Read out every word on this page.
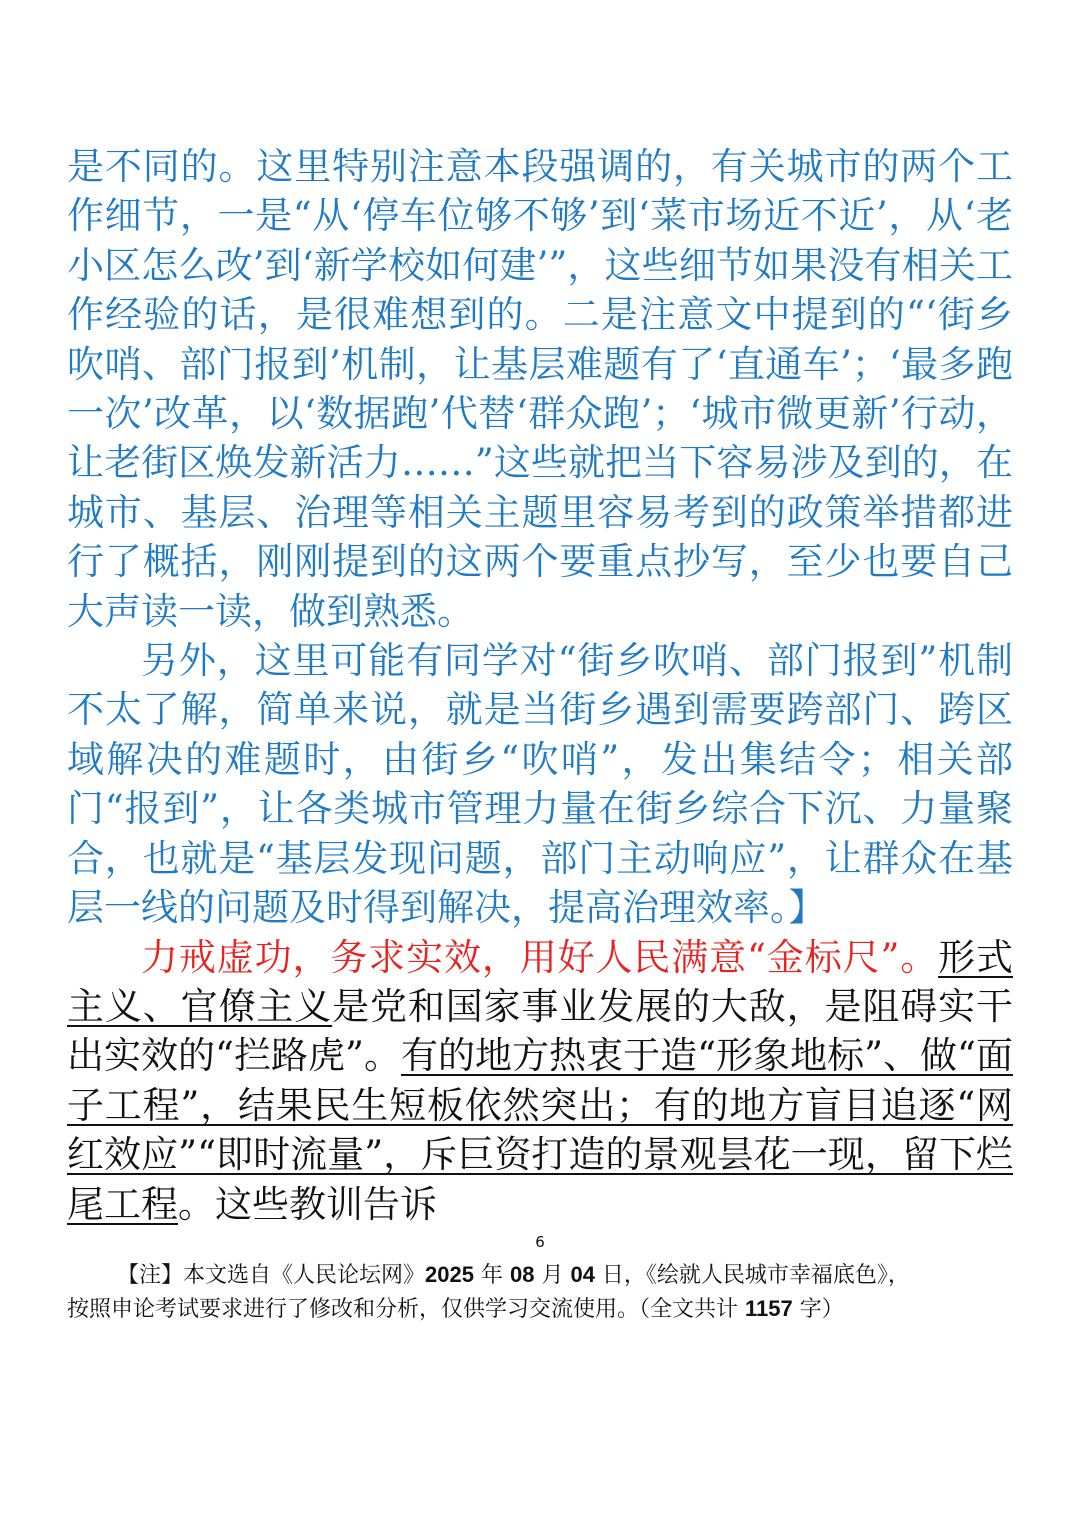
是不同的。这里特别注意本段强调的，有关城市的两个工作细节，一是“从‘停车位够不够’到‘菜市场近不近’，从‘老小区怎么改’到‘新学校如何建’”，这些细节如果没有相关工作经验的话，是很难想到的。二是注意文中提到的“‘街乡吹哨、部门报到’机制，让基层难题有了‘直通车’；‘最多跑一次’改革，以‘数据跑’代替‘群众跑’；‘城市微更新’行动，让老街区焕发新活力……”这些就把当下容易涉及到的，在城市、基层、治理等相关主题里容易考到的政策举措都进行了概括，刚刚提到的这两个要重点抄写，至少也要自己大声读一读，做到熟悉。

另外，这里可能有同学对“街乡吹哨、部门报到”机制不太了解，简单来说，就是当街乡遇到需要跨部门、跨区域解决的难题时，由街乡“吹哨”，发出集结令；相关部门“报到”，让各类城市管理力量在街乡综合下沉、力量聚合，也就是“基层发现问题，部门主动响应”，让群众在基层一线的问题及时得到解决，提高治理效率。】

力戒虚功，务求实效，用好人民满意“金标尺”。形式主义、官僚主义是党和国家事业发展的大敌，是阻碍实干出实效的“拦路虎”。有的地方热衷于造“形象地标”、做“面子工程”，结果民生短板依然突出；有的地方盲目追逐“网红效应”“即时流量”，斥巨资打造的景观昙花一现，留下烂尾工程。这些教训告诉

6
【注】本文选自《人民论坛网》2025 年 08 月 04 日，《绘就人民城市幸福底色》，
按照申论考试要求进行了修改和分析，仅供学习交流使用。（全文共计 1157 字）
